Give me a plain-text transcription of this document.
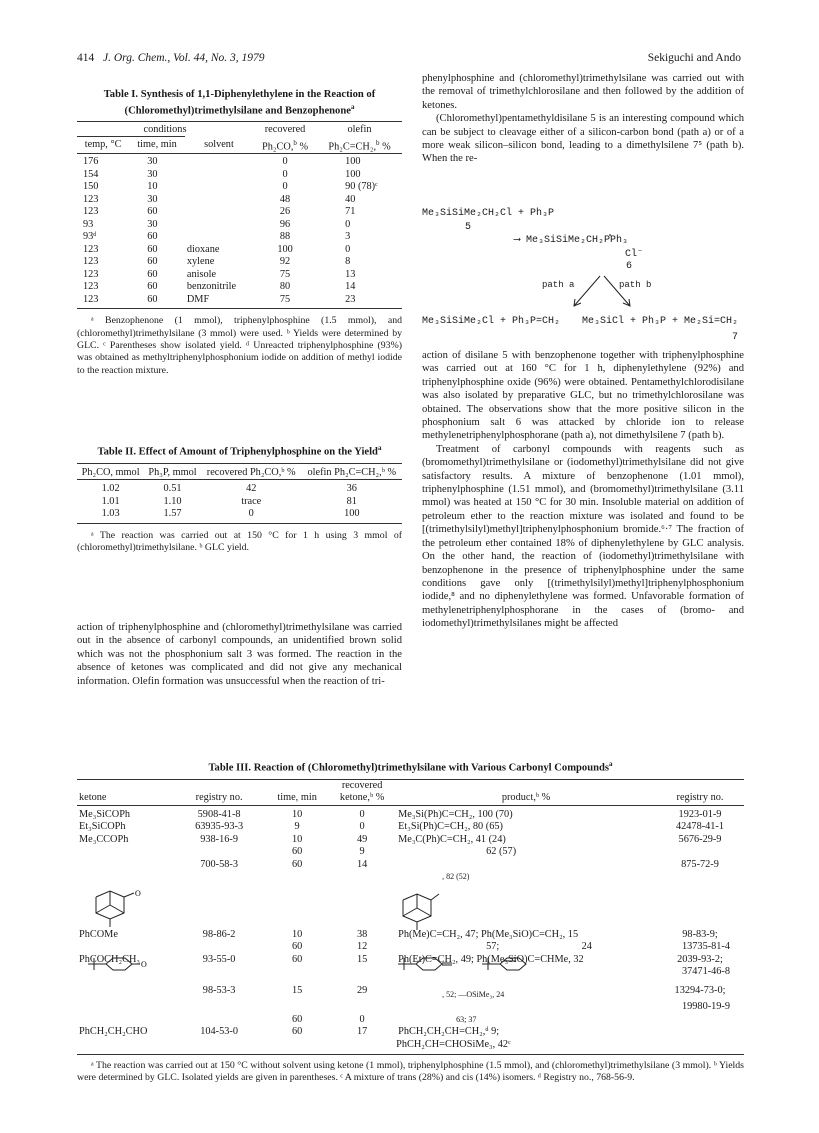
414 J. Org. Chem., Vol. 44, No. 3, 1979	Sekiguchi and Ando
Table I. Synthesis of 1,1-Diphenylethylene in the Reaction of (Chloromethyl)trimethylsilane and Benzophenone$^a$
conditions			recovered	olefin
temp, °C	time, min	solvent	Ph₂CO,$^b$ %	Ph₂C=CH₂,$^b$ %
176	30		0	100
154	30		0	100
150	10		0	90 (78)ᶜ
123	30		48	40
123	60		26	71
93	30		96	0
93ᵈ	60		88	3
123	60	dioxane	100	0
123	60	xylene	92	8
123	60	anisole	75	13
123	60	benzonitrile	80	14
123	60	DMF	75	23

ᵃ Benzophenone (1 mmol), triphenylphosphine (1.5 mmol), and (chloromethyl)trimethylsilane (3 mmol) were used. ᵇ Yields were determined by GLC. ᶜ Parentheses show isolated yield. ᵈ Unreacted triphenylphosphine (93%) was obtained as methyltriphenylphosphonium iodide on addition of methyl iodide to the reaction mixture.
Table II. Effect of Amount of Triphenylphosphine on the Yield$^a$
Ph₂CO, mmol	Ph₃P, mmol	recovered Ph₂CO,ᵇ %	olefin Ph₂C=CH₂,ᵇ %
1.02	0.51	42	36
1.01	1.10	trace	81
1.03	1.57	0	100

ᵃ The reaction was carried out at 150 °C for 1 h using 3 mmol of (chloromethyl)trimethylsilane. ᵇ GLC yield.

action of triphenylphosphine and (chloromethyl)trimethylsilane was carried out in the absence of carbonyl compounds, an unidentified brown solid which was not the phosphonium salt 3 was formed. The reaction in the absence of ketones was complicated and did not give any mechanical information. Olefin formation was unsuccessful when the reaction of tri-

phenylphosphine and (chloromethyl)trimethylsilane was carried out with the removal of trimethylchlorosilane and then followed by the addition of ketones.

(Chloromethyl)pentamethyldisilane 5 is an interesting compound which can be subject to cleavage either of a silicon-carbon bond (path a) or of a more weak silicon–silicon bond, leading to a dimethylsilene 7⁵ (path b). When the re-

Me₃SiSiMe₂CH₂Cl + Ph₃P
5
⟶ Me₃SiSiMe₂CH₂P̊Ph₃
Cl⁻
6
path a	path b
Me₃SiSiMe₂Cl + Ph₃P=CH₂ Me₃SiCl + Ph₃P + Me₂Si=CH₂
7

action of disilane 5 with benzophenone together with triphenylphosphine was carried out at 160 °C for 1 h, diphenylethylene (92%) and triphenylphosphine oxide (96%) were obtained. Pentamethylchlorodisilane was also isolated by preparative GLC, but no trimethylchlorosilane was obtained. The observations show that the more positive silicon in the phosphonium salt 6 was attacked by chloride ion to release methylenetriphenylphosphorane (path a), not dimethylsilene 7 (path b).

Treatment of carbonyl compounds with reagents such as (bromomethyl)trimethylsilane or (iodomethyl)trimethylsilane did not give satisfactory results. A mixture of benzophenone (1.01 mmol), triphenylphosphine (1.51 mmol), and (bromomethyl)trimethylsilane (3.11 mmol) was heated at 150 °C for 30 min. Insoluble material on addition of petroleum ether to the reaction mixture was isolated and found to be [(trimethylsilyl)methyl]triphenylphosphonium bromide.⁶·⁷ The fraction of the petroleum ether contained 18% of diphenylethylene by GLC analysis. On the other hand, the reaction of (iodomethyl)trimethylsilane with benzophenone in the presence of triphenylphosphine under the same conditions gave only [(trimethylsilyl)methyl]triphenylphosphonium iodide,⁸ and no diphenylethylene was formed. Unfavorable formation of methylenetriphenylphosphorane in the cases of (bromo- and iodomethyl)trimethylsilanes might be affected

Table III. Reaction of (Chloromethyl)trimethylsilane with Various Carbonyl Compounds$^a$
ketone	registry no.	time, min	recovered ketone,ᵇ %	product,ᵇ %	registry no.

Me₃SiCOPh	5908-41-8	10	0	Me₃Si(Ph)C=CH₂, 100 (70)	1923-01-9
Et₃SiCOPh	63935-93-3	9	0	Et₃Si(Ph)C=CH₂, 80 (65)	42478-41-1
Me₃CCOPh	938-16-9	10	49	Me₃C(Ph)C=CH₂, 41 (24)	5676-29-9
		60	9	62 (57)	
	700-58-3	60	14	, 82 (52)	875-72-9
PhCOMe	98-86-2	10	38	Ph(Me)C=CH₂, 47; Ph(Me₃SiO)C=CH₂, 15	98-83-9;
		60	12	57;                                24	13735-81-4
PhCOCH₂CH₃	93-55-0	60	15	Ph(Et)C=CH₂, 49; Ph(Me₃SiO)C=CHMe, 32	2039-93-2;
					37471-46-8
	98-53-3	15	29	, 52; —OSiMe₃, 24	13294-73-0;
					19980-19-9
		60	0	63; 37	
PhCH₂CH₂CHO	104-53-0	60	17	PhCH₂CH₂CH=CH₂,ᵈ 9;	
				PhCH₂CH=CHOSiMe₃, 42ᶜ	

ᵃ The reaction was carried out at 150 °C without solvent using ketone (1 mmol), triphenylphosphine (1.5 mmol), and (chloromethyl)trimethylsilane (3 mmol). ᵇ Yields were determined by GLC. Isolated yields are given in parentheses. ᶜ A mixture of trans (28%) and cis (14%) isomers. ᵈ Registry no., 768-56-9.
O
O
